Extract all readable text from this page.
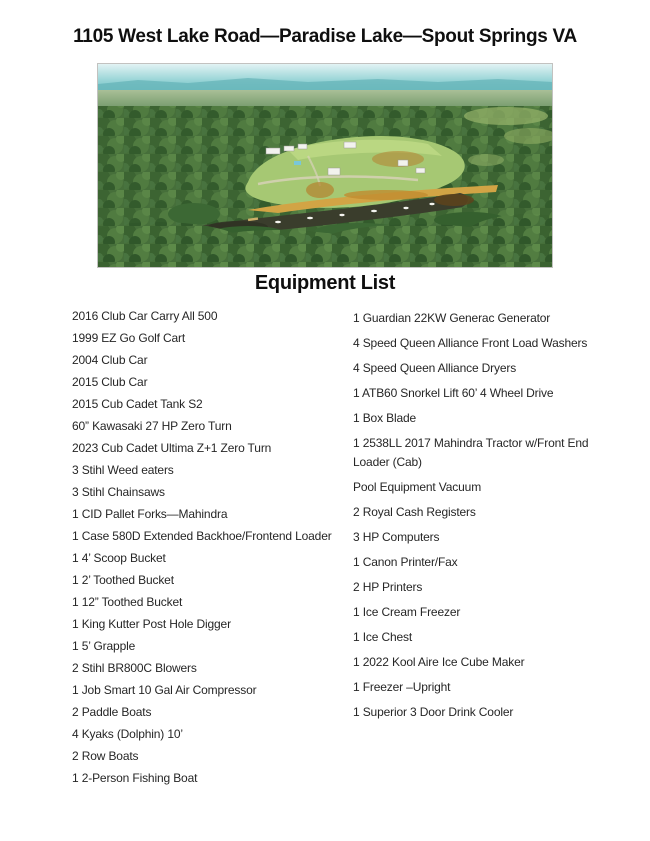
1105 West Lake Road—Paradise Lake—Spout Springs VA
Equipment List
2016 Club Car Carry All 500
1999 EZ Go Golf Cart
2004 Club Car
2015 Club Car
2015 Cub Cadet Tank S2
60” Kawasaki 27 HP Zero Turn
2023 Cub Cadet Ultima Z+1 Zero Turn
3 Stihl Weed eaters
3 Stihl Chainsaws
1 CID Pallet Forks—Mahindra
1 Case 580D Extended Backhoe/Frontend Loader
1 4’ Scoop Bucket
1 2’ Toothed Bucket
1 12” Toothed Bucket
1 King Kutter Post Hole Digger
1 5’ Grapple
2 Stihl BR800C Blowers
1 Job Smart 10 Gal Air Compressor
2 Paddle Boats
4 Kyaks (Dolphin) 10’
2 Row Boats
1 2-Person Fishing Boat
1 Guardian 22KW Generac Generator
4 Speed Queen Alliance Front Load Washers
4 Speed Queen Alliance Dryers
1 ATB60 Snorkel Lift 60’ 4 Wheel Drive
1 Box Blade
1 2538LL 2017 Mahindra Tractor w/Front End Loader (Cab)
Pool Equipment Vacuum
2 Royal Cash Registers
3 HP Computers
1 Canon Printer/Fax
2 HP Printers
1 Ice Cream Freezer
1 Ice Chest
1 2022 Kool Aire Ice Cube Maker
1 Freezer –Upright
1 Superior 3 Door Drink Cooler
